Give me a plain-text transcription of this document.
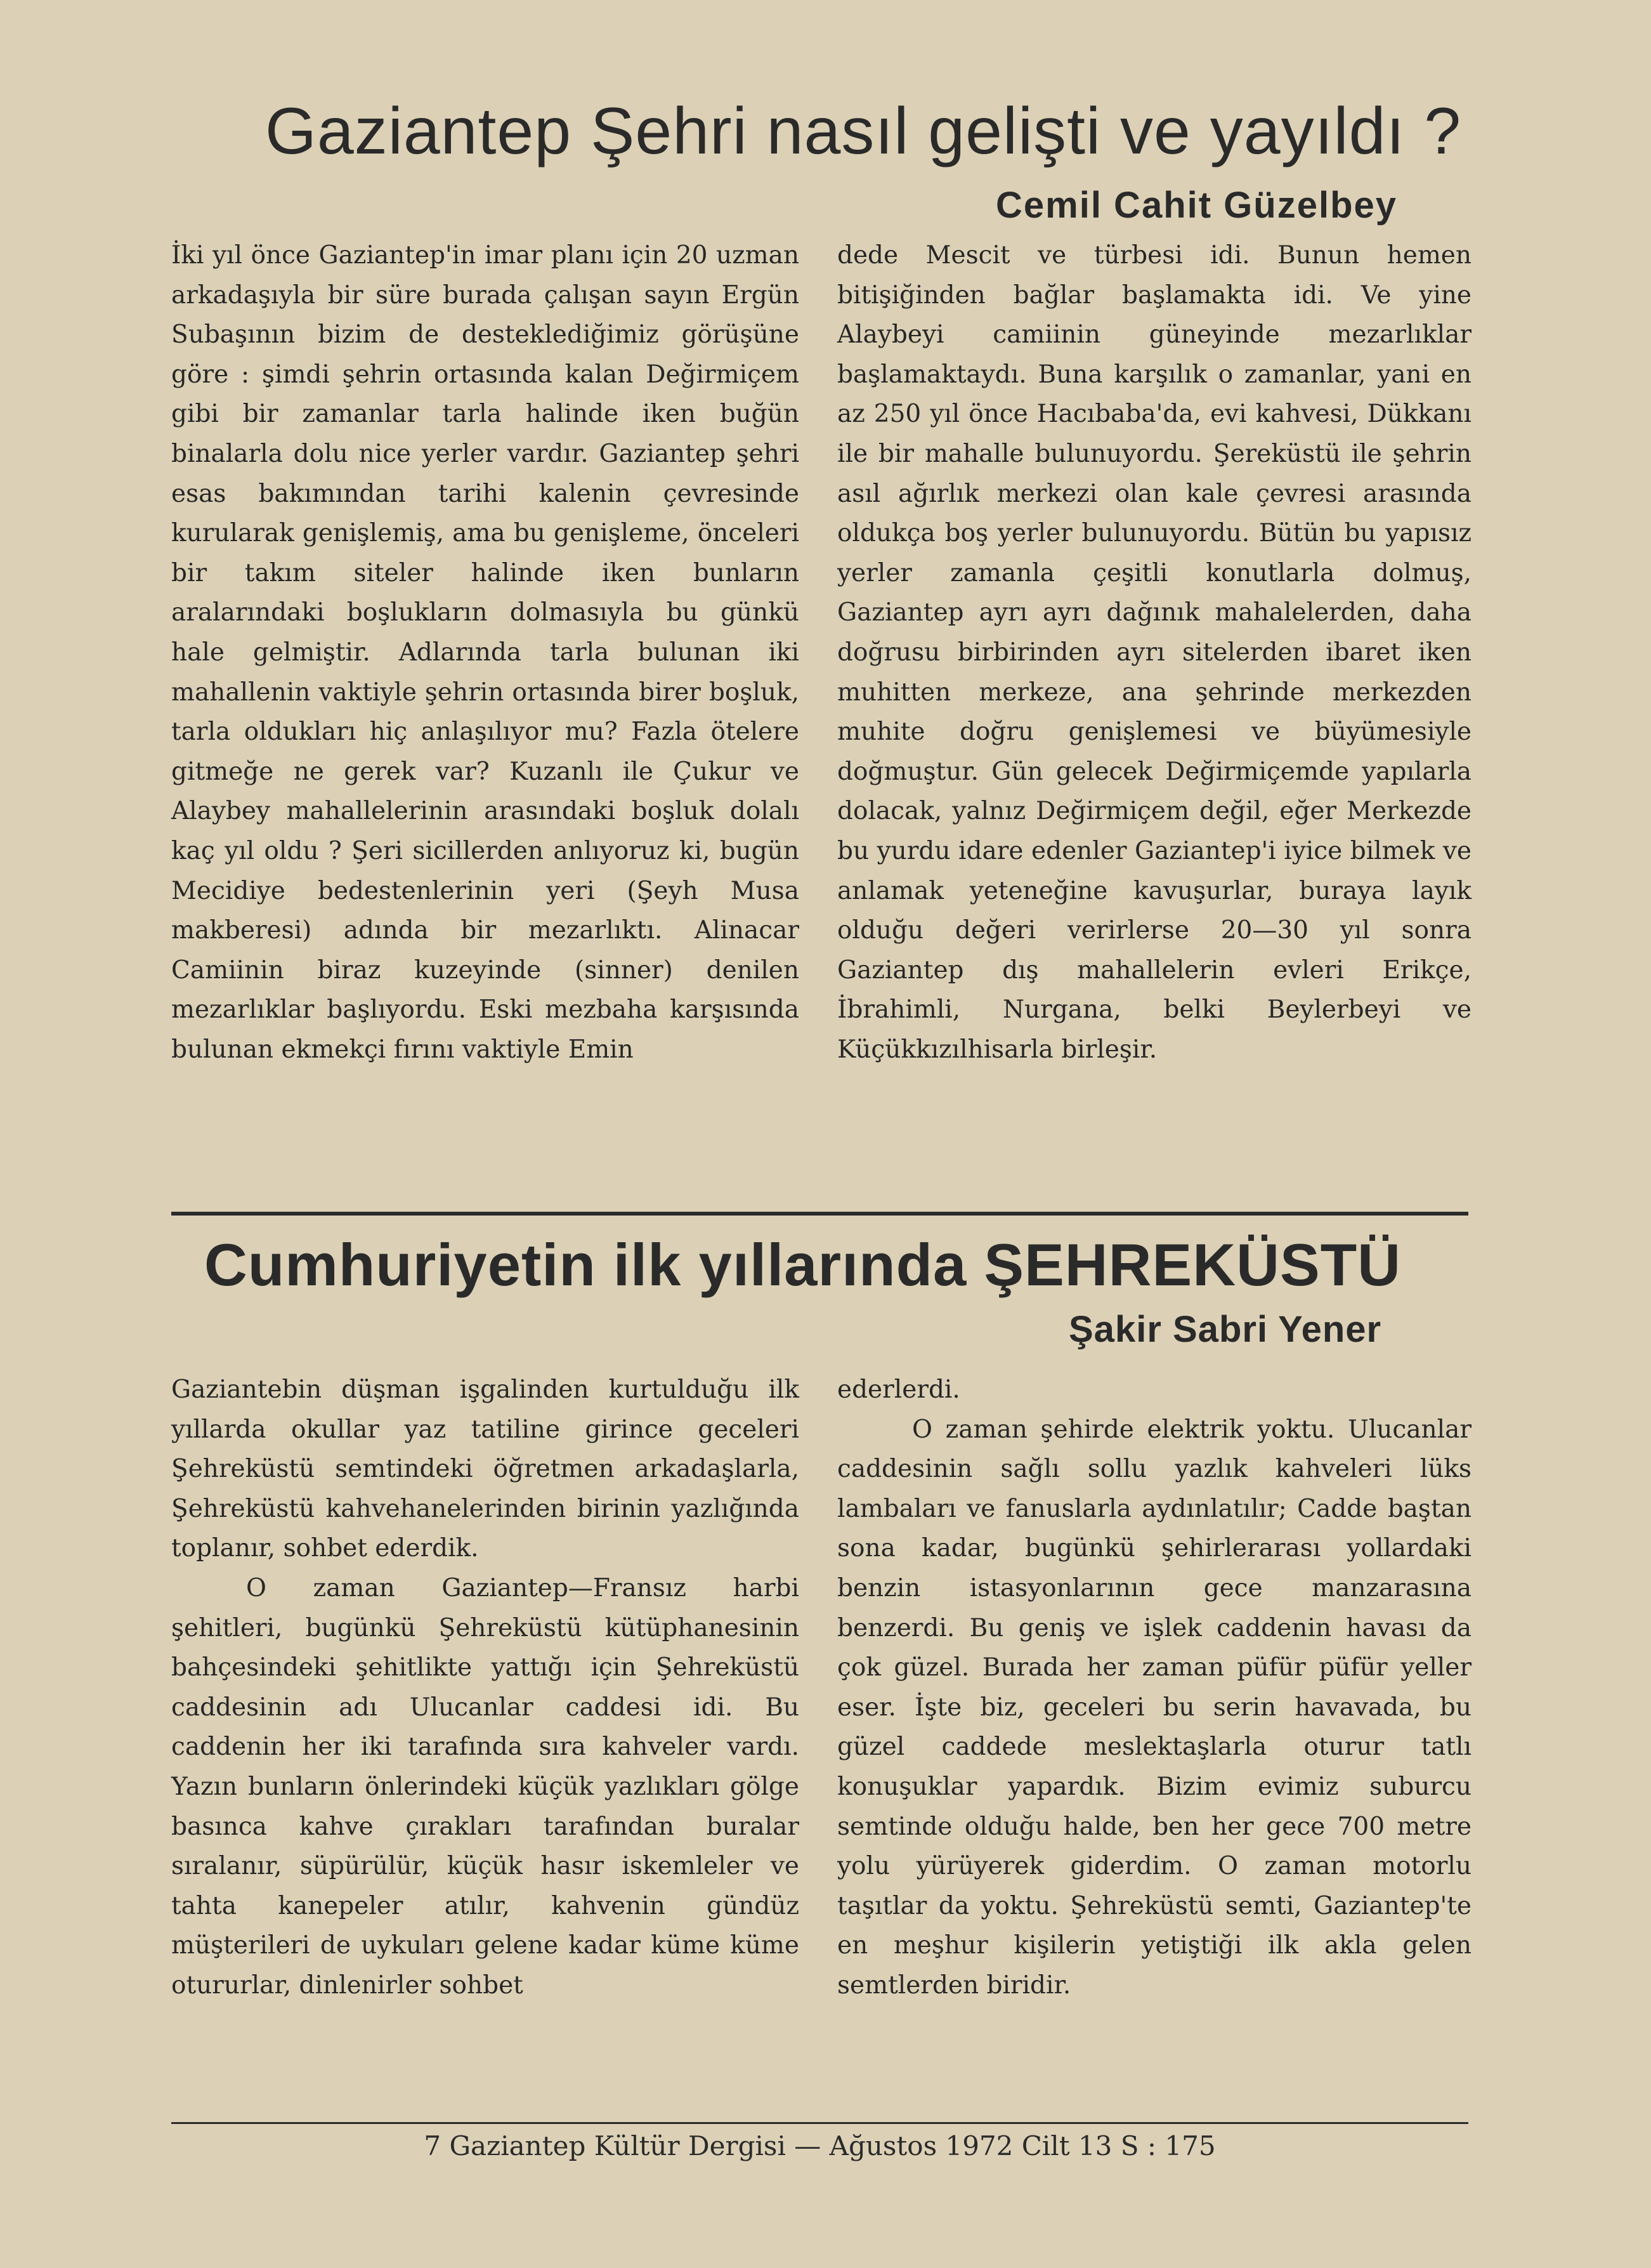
Gaziantep Şehri nasıl gelişti ve yayıldı ?
Cemil Cahit Güzelbey

İki yıl önce Gaziantep'in imar planı için 20 uzman arkadaşıyla bir süre burada çalışan sayın Ergün Subaşının bizim de desteklediğimiz görüşüne göre : şimdi şehrin ortasında kalan Değirmiçem gibi bir zamanlar tarla halinde iken buğün binalarla dolu nice yerler vardır. Gaziantep şehri esas bakımından tarihi kalenin çevresinde kurularak genişlemiş, ama bu genişleme, önceleri bir takım siteler halinde iken bunların aralarındaki boşlukların dolmasıyla bu günkü hale gelmiştir. Adlarında tarla bulunan iki mahallenin vaktiyle şehrin ortasında birer boşluk, tarla oldukları hiç anlaşılıyor mu? Fazla ötelere gitmeğe ne gerek var? Kuzanlı ile Çukur ve Alaybey mahallelerinin arasındaki boşluk dolalı kaç yıl oldu ? Şeri sicillerden anlıyoruz ki, bugün Mecidiye bedestenlerinin yeri (Şeyh Musa makberesi) adında bir mezarlıktı. Alinacar Camiinin biraz kuzeyinde (sinner) denilen mezarlıklar başlıyordu. Eski mezbaha karşısında bulunan ekmekçi fırını vaktiyle Emin

dede Mescit ve türbesi idi. Bunun hemen bitişiğinden bağlar başlamakta idi. Ve yine Alaybeyi camiinin güneyinde mezarlıklar başlamaktaydı. Buna karşılık o zamanlar, yani en az 250 yıl önce Hacıbaba'da, evi kahvesi, Dükkanı ile bir mahalle bulunuyordu. Şereküstü ile şehrin asıl ağırlık merkezi olan kale çevresi arasında oldukça boş yerler bulunuyordu. Bütün bu yapısız yerler zamanla çeşitli konutlarla dolmuş, Gaziantep ayrı ayrı dağınık mahalelerden, daha doğrusu birbirinden ayrı sitelerden ibaret iken muhitten merkeze, ana şehrinde merkezden muhite doğru genişlemesi ve büyümesiyle doğmuştur. Gün gelecek Değirmiçemde yapılarla dolacak, yalnız Değirmiçem değil, eğer Merkezde bu yurdu idare edenler Gaziantep'i iyice bilmek ve anlamak yeteneğine kavuşurlar, buraya layık olduğu değeri verirlerse 20—30 yıl sonra Gaziantep dış mahallelerin evleri Erikçe, İbrahimli, Nurgana, belki Beylerbeyi ve Küçükkızılhisarla birleşir.

Cumhuriyetin ilk yıllarında ŞEHREKÜSTÜ
Şakir Sabri Yener

Gaziantebin düşman işgalinden kurtulduğu ilk yıllarda okullar yaz tatiline girince geceleri Şehreküstü semtindeki öğretmen arkadaşlarla, Şehreküstü kahvehanelerinden birinin yazlığında toplanır, sohbet ederdik.

O zaman Gaziantep—Fransız harbi şehitleri, bugünkü Şehreküstü kütüphanesinin bahçesindeki şehitlikte yattığı için Şehreküstü caddesinin adı Ulucanlar caddesi idi. Bu caddenin her iki tarafında sıra kahveler vardı. Yazın bunların önlerindeki küçük yazlıkları gölge basınca kahve çırakları tarafından buralar sıralanır, süpürülür, küçük hasır iskemleler ve tahta kanepeler atılır, kahvenin gündüz müşterileri de uykuları gelene kadar küme küme otururlar, dinlenirler sohbet

ederlerdi.

O zaman şehirde elektrik yoktu. Ulucanlar caddesinin sağlı sollu yazlık kahveleri lüks lambaları ve fanuslarla aydınlatılır; Cadde baştan sona kadar, bugünkü şehirlerarası yollardaki benzin istasyonlarının gece manzarasına benzerdi. Bu geniş ve işlek caddenin havası da çok güzel. Burada her zaman püfür püfür yeller eser. İşte biz, geceleri bu serin havavada, bu güzel caddede meslektaşlarla oturur tatlı konuşuklar yapardık. Bizim evimiz suburcu semtinde olduğu halde, ben her gece 700 metre yolu yürüyerek giderdim. O zaman motorlu taşıtlar da yoktu. Şehreküstü semti, Gaziantep'te en meşhur kişilerin yetiştiği ilk akla gelen semtlerden biridir.

7 Gaziantep Kültür Dergisi — Ağustos 1972 Cilt 13 S : 175
